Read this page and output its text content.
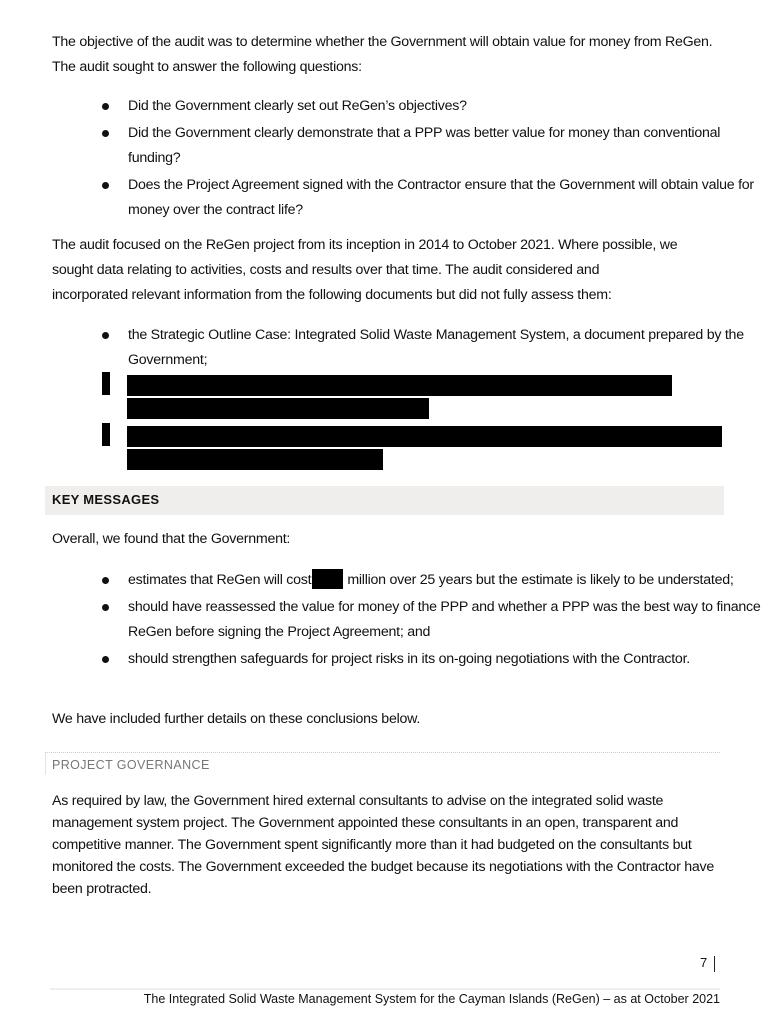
The objective of the audit was to determine whether the Government will obtain value for money from ReGen. The audit sought to answer the following questions:
Did the Government clearly set out ReGen’s objectives?
Did the Government clearly demonstrate that a PPP was better value for money than conventional funding?
Does the Project Agreement signed with the Contractor ensure that the Government will obtain value for money over the contract life?
The audit focused on the ReGen project from its inception in 2014 to October 2021. Where possible, we
sought data relating to activities, costs and results over that time. The audit considered and
incorporated relevant information from the following documents but did not fully assess them:
the Strategic Outline Case: Integrated Solid Waste Management System, a document prepared by the Government;
KEY MESSAGES
Overall, we found that the Government:
estimates that ReGen will cost	million over 25 years but the estimate is likely to be understated;
should have reassessed the value for money of the PPP and whether a PPP was the best way to finance ReGen before signing the Project Agreement; and
should strengthen safeguards for project risks in its on-going negotiations with the Contractor.
We have included further details on these conclusions below.
PROJECT GOVERNANCE
As required by law, the Government hired external consultants to advise on the integrated solid waste management system project. The Government appointed these consultants in an open, transparent and competitive manner. The Government spent significantly more than it had budgeted on the consultants but monitored the costs. The Government exceeded the budget because its negotiations with the Contractor have been protracted.
7
The Integrated Solid Waste Management System for the Cayman Islands (ReGen) – as at October 2021
